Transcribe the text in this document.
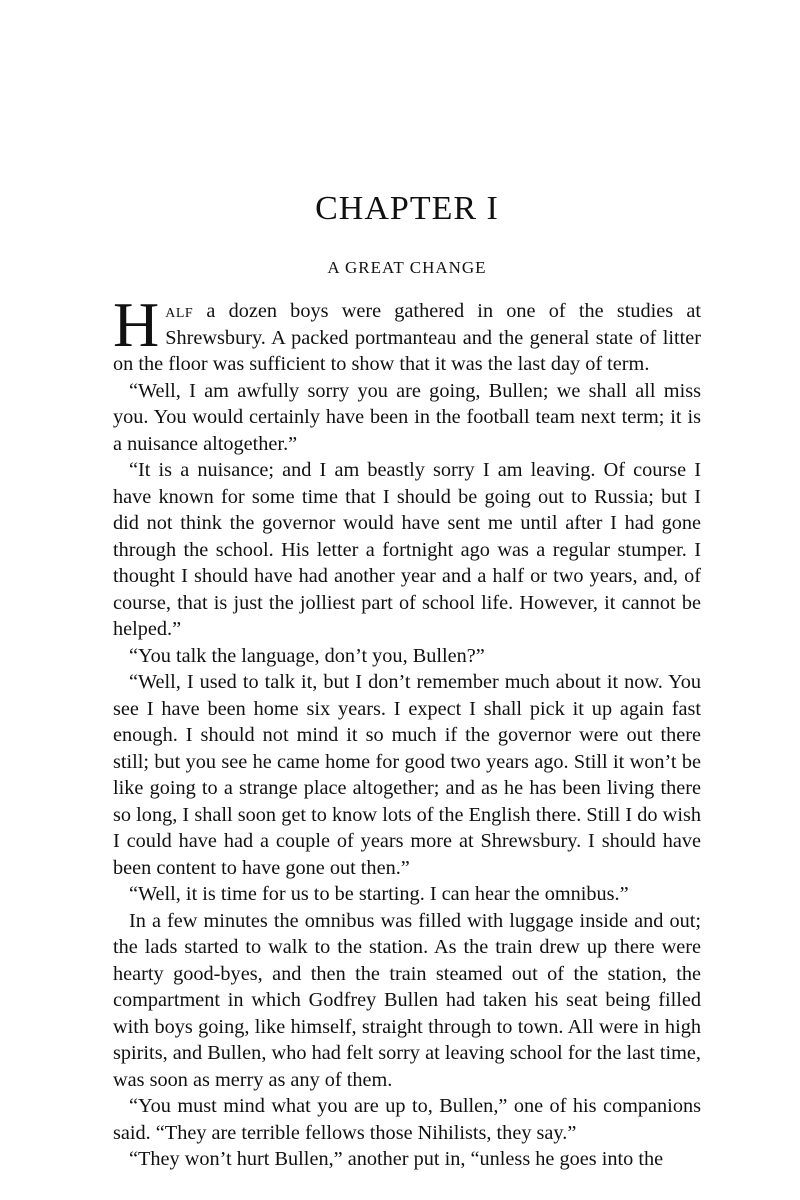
CHAPTER I
A GREAT CHANGE

Half a dozen boys were gathered in one of the studies at Shrewsbury. A packed portmanteau and the general state of litter on the floor was sufficient to show that it was the last day of term.

“Well, I am awfully sorry you are going, Bullen; we shall all miss you. You would certainly have been in the football team next term; it is a nuisance altogether.”

“It is a nuisance; and I am beastly sorry I am leaving. Of course I have known for some time that I should be going out to Russia; but I did not think the governor would have sent me until after I had gone through the school. His letter a fortnight ago was a regular stumper. I thought I should have had another year and a half or two years, and, of course, that is just the jolliest part of school life. However, it cannot be helped.”

“You talk the language, don’t you, Bullen?”

“Well, I used to talk it, but I don’t remember much about it now. You see I have been home six years. I expect I shall pick it up again fast enough. I should not mind it so much if the governor were out there still; but you see he came home for good two years ago. Still it won’t be like going to a strange place altogether; and as he has been living there so long, I shall soon get to know lots of the English there. Still I do wish I could have had a couple of years more at Shrewsbury. I should have been content to have gone out then.”

“Well, it is time for us to be starting. I can hear the omnibus.”

In a few minutes the omnibus was filled with luggage inside and out; the lads started to walk to the station. As the train drew up there were hearty good-byes, and then the train steamed out of the station, the compartment in which Godfrey Bullen had taken his seat being filled with boys going, like himself, straight through to town. All were in high spirits, and Bullen, who had felt sorry at leaving school for the last time, was soon as merry as any of them.

“You must mind what you are up to, Bullen,” one of his companions said. “They are terrible fellows those Nihilists, they say.”

“They won’t hurt Bullen,” another put in, “unless he goes into the
